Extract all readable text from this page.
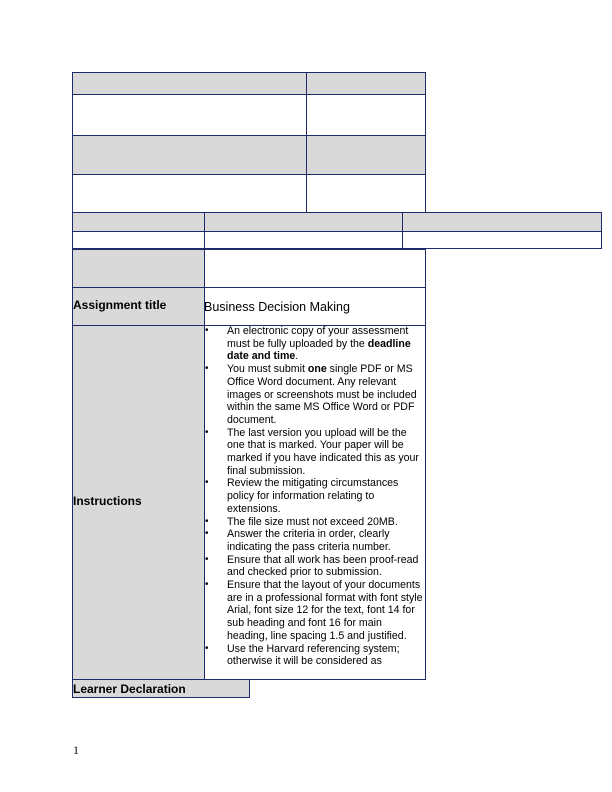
Assignment title	Business Decision Making
Instructions
• An electronic copy of your assessment must be fully uploaded by the deadline date and time.
• You must submit one single PDF or MS Office Word document. Any relevant images or screenshots must be included within the same MS Office Word or PDF document.
• The last version you upload will be the one that is marked. Your paper will be marked if you have indicated this as your final submission.
• Review the mitigating circumstances policy for information relating to extensions.
• The file size must not exceed 20MB.
• Answer the criteria in order, clearly indicating the pass criteria number.
• Ensure that all work has been proof-read and checked prior to submission.
• Ensure that the layout of your documents are in a professional format with font style Arial, font size 12 for the text, font 14 for sub heading and font 16 for main heading, line spacing 1.5 and justified.
• Use the Harvard referencing system; otherwise it will be considered as
Learner Declaration
1
